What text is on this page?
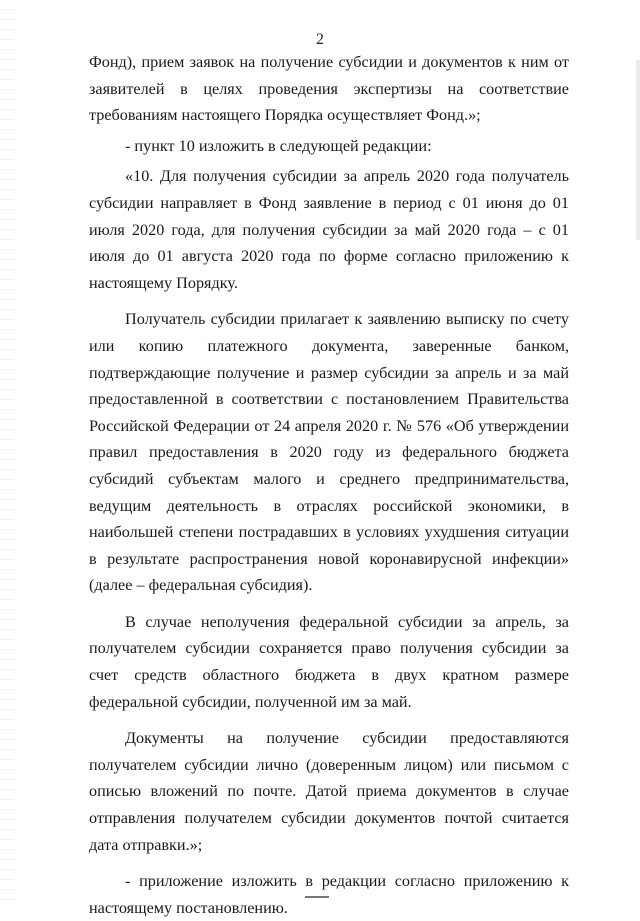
2

Фонд), прием заявок на получение субсидии и документов к ним от заявителей в целях проведения экспертизы на соответствие требованиям настоящего Порядка осуществляет Фонд.»;

- пункт 10 изложить в следующей редакции:

«10. Для получения субсидии за апрель 2020 года получатель субсидии направляет в Фонд заявление в период с 01 июня до 01 июля 2020 года, для получения субсидии за май 2020 года – с 01 июля до 01 августа 2020 года по форме согласно приложению к настоящему Порядку.

Получатель субсидии прилагает к заявлению выписку по счету или копию платежного документа, заверенные банком, подтверждающие получение и размер субсидии за апрель и за май предоставленной в соответствии с постановлением Правительства Российской Федерации от 24 апреля 2020 г. № 576 «Об утверждении правил предоставления в 2020 году из федерального бюджета субсидий субъектам малого и среднего предпринимательства, ведущим деятельность в отраслях российской экономики, в наибольшей степени пострадавших в условиях ухудшения ситуации в результате распространения новой коронавирусной инфекции» (далее – федеральная субсидия).

В случае неполучения федеральной субсидии за апрель, за получателем субсидии сохраняется право получения субсидии за счет средств областного бюджета в двух кратном размере федеральной субсидии, полученной им за май.

Документы на получение субсидии предоставляются получателем субсидии лично (доверенным лицом) или письмом с описью вложений по почте. Датой приема документов в случае отправления получателем субсидии документов почтой считается дата отправки.»;

- приложение изложить в редакции согласно приложению к настоящему постановлению.
